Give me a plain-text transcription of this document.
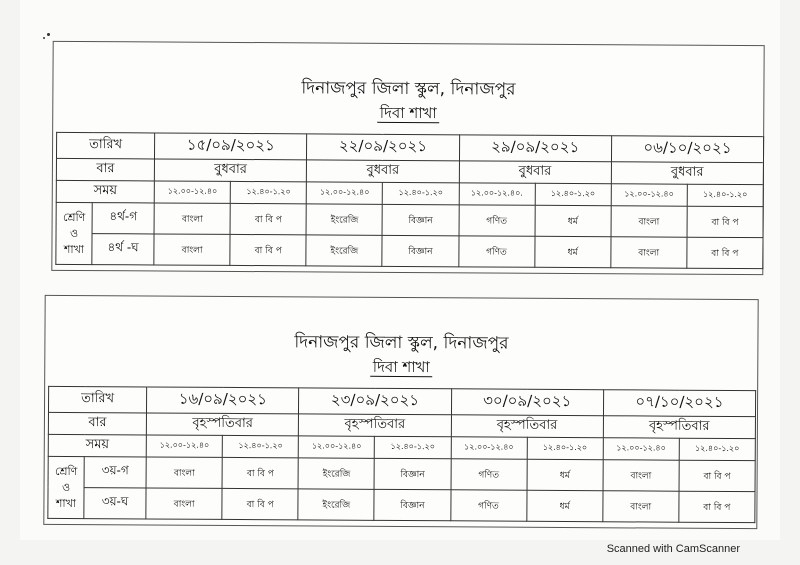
দিনাজপুর জিলা স্কুল, দিনাজপুর
দিবা শাখা
তারিখ		১৫/০৯/২০২১		২২/০৯/২০২১		২৯/০৯/২০২১		০৬/১০/২০২১	
বার		বুধবার		বুধবার		বুধবার		বুধবার	
সময়		১২.০০-১২.৪০	১২.৪০-১.২০	১২.০০-১২.৪০	১২.৪০-১.২০	১২.০০-১২.৪০.	১২.৪০-১.২০	১২.০০-১২.৪০	১২.৪০-১.২০

শ্রেণি
ও
শাখা	৪র্থ-গ	বাংলা	বা বি প	ইংরেজি	বিজ্ঞান	গণিত	ধর্ম	বাংলা	বা বি প
	৪র্থ -ঘ	বাংলা	বা বি প	ইংরেজি	বিজ্ঞান	গণিত	ধর্ম	বাংলা	বা বি প
দিনাজপুর জিলা স্কুল, দিনাজপুর
দিবা শাখা
তারিখ		১৬/০৯/২০২১		২৩/০৯/২০২১		৩০/০৯/২০২১		০৭/১০/২০২১	
বার		বৃহস্পতিবার		বৃহস্পতিবার		বৃহস্পতিবার		বৃহস্পতিবার	
সময়		১২.০০-১২.৪০	১২.৪০-১.২০	১২.০০-১২.৪০	১২.৪০-১.২০	১২.০০-১২.৪০	১২.৪০-১.২০	১২.০০-১২.৪০	১২.৪০-১.২০

শ্রেণি
ও
শাখা	৩য়-গ	বাংলা	বা বি প	ইংরেজি	বিজ্ঞান	গণিত	ধর্ম	বাংলা	বা বি প
	৩য়-ঘ	বাংলা	বা বি প	ইংরেজি	বিজ্ঞান	গণিত	ধর্ম	বাংলা	বা বি প
Scanned with CamScanner
